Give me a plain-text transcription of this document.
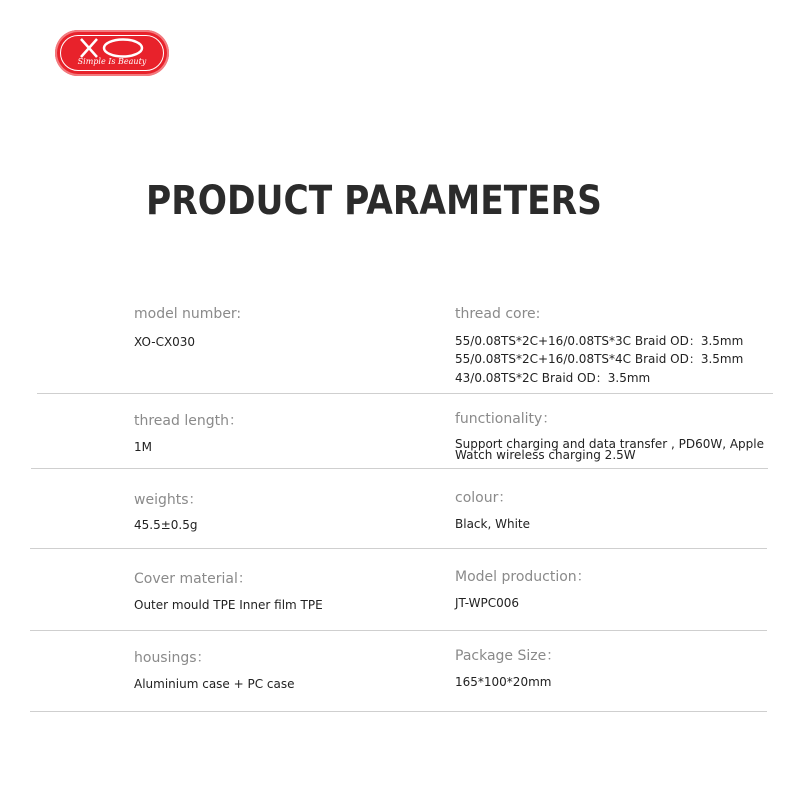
Simple Is Beauty
PRODUCT PARAMETERS
model number:
XO-CX030
thread core:
55/0.08TS*2C+16/0.08TS*3C Braid OD：3.5mm
55/0.08TS*2C+16/0.08TS*4C Braid OD：3.5mm
43/0.08TS*2C Braid OD：3.5mm
thread length：
1M
functionality：
Support charging and data transfer , PD60W, Apple Watch wireless charging 2.5W
weights：
45.5±0.5g
colour：
Black, White
Cover material：
Outer mould TPE Inner film TPE
Model production：
JT-WPC006
housings：
Aluminium case + PC case
Package Size：
165*100*20mm
